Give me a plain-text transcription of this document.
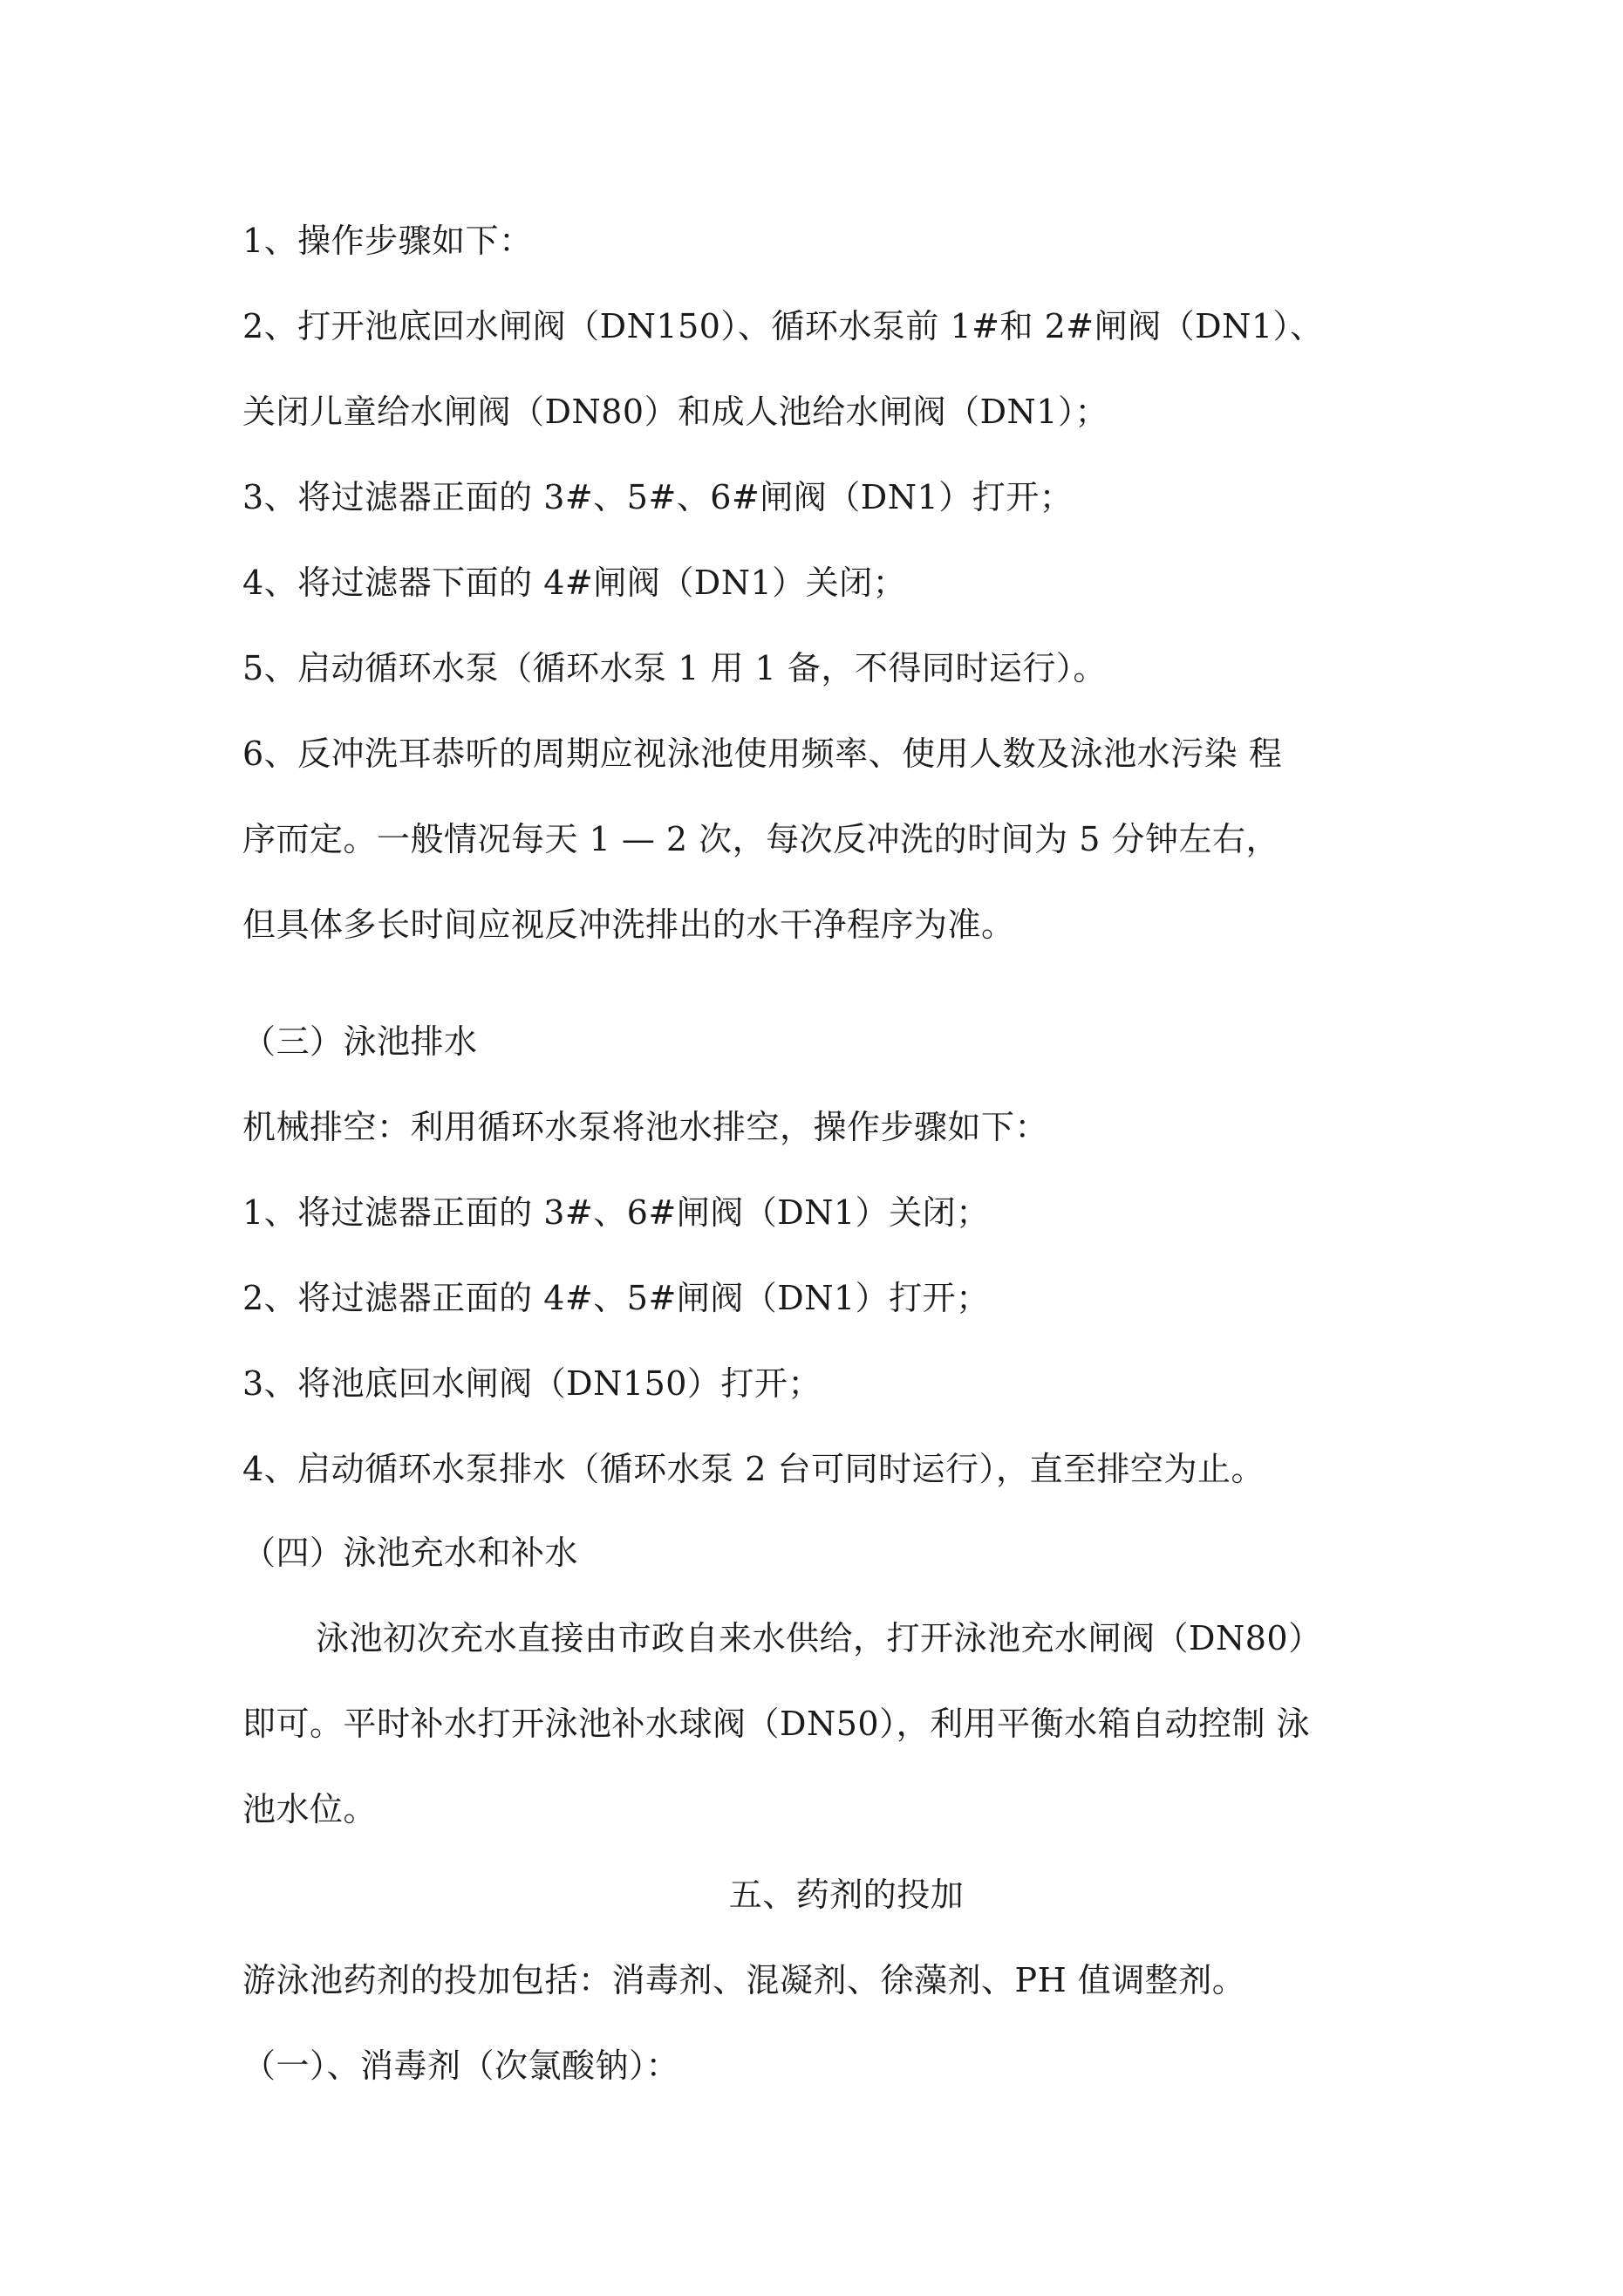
1、操作步骤如下：
2、打开池底回水闸阀（DN150）、循环水泵前 1#和 2#闸阀（DN1）、
关闭儿童给水闸阀（DN80）和成人池给水闸阀（DN1）；
3、将过滤器正面的 3#、5#、6#闸阀（DN1）打开；
4、将过滤器下面的 4#闸阀（DN1）关闭；
5、启动循环水泵（循环水泵 1 用 1 备，不得同时运行）。
6、反冲洗耳恭听的周期应视泳池使用频率、使用人数及泳池水污染 程
序而定。一般情况每天 1 — 2 次，每次反冲洗的时间为 5 分钟左右，
但具体多长时间应视反冲洗排出的水干净程序为准。
（三）泳池排水
机械排空：利用循环水泵将池水排空，操作步骤如下：
1、将过滤器正面的 3#、6#闸阀（DN1）关闭；
2、将过滤器正面的 4#、5#闸阀（DN1）打开；
3、将池底回水闸阀（DN150）打开；
4、启动循环水泵排水（循环水泵 2 台可同时运行），直至排空为止。
（四）泳池充水和补水
泳池初次充水直接由市政自来水供给，打开泳池充水闸阀（DN80）
即可。平时补水打开泳池补水球阀（DN50），利用平衡水箱自动控制 泳
池水位。
五、药剂的投加
游泳池药剂的投加包括：消毒剂、混凝剂、徐藻剂、PH 值调整剂。
（一）、消毒剂（次氯酸钠）：
